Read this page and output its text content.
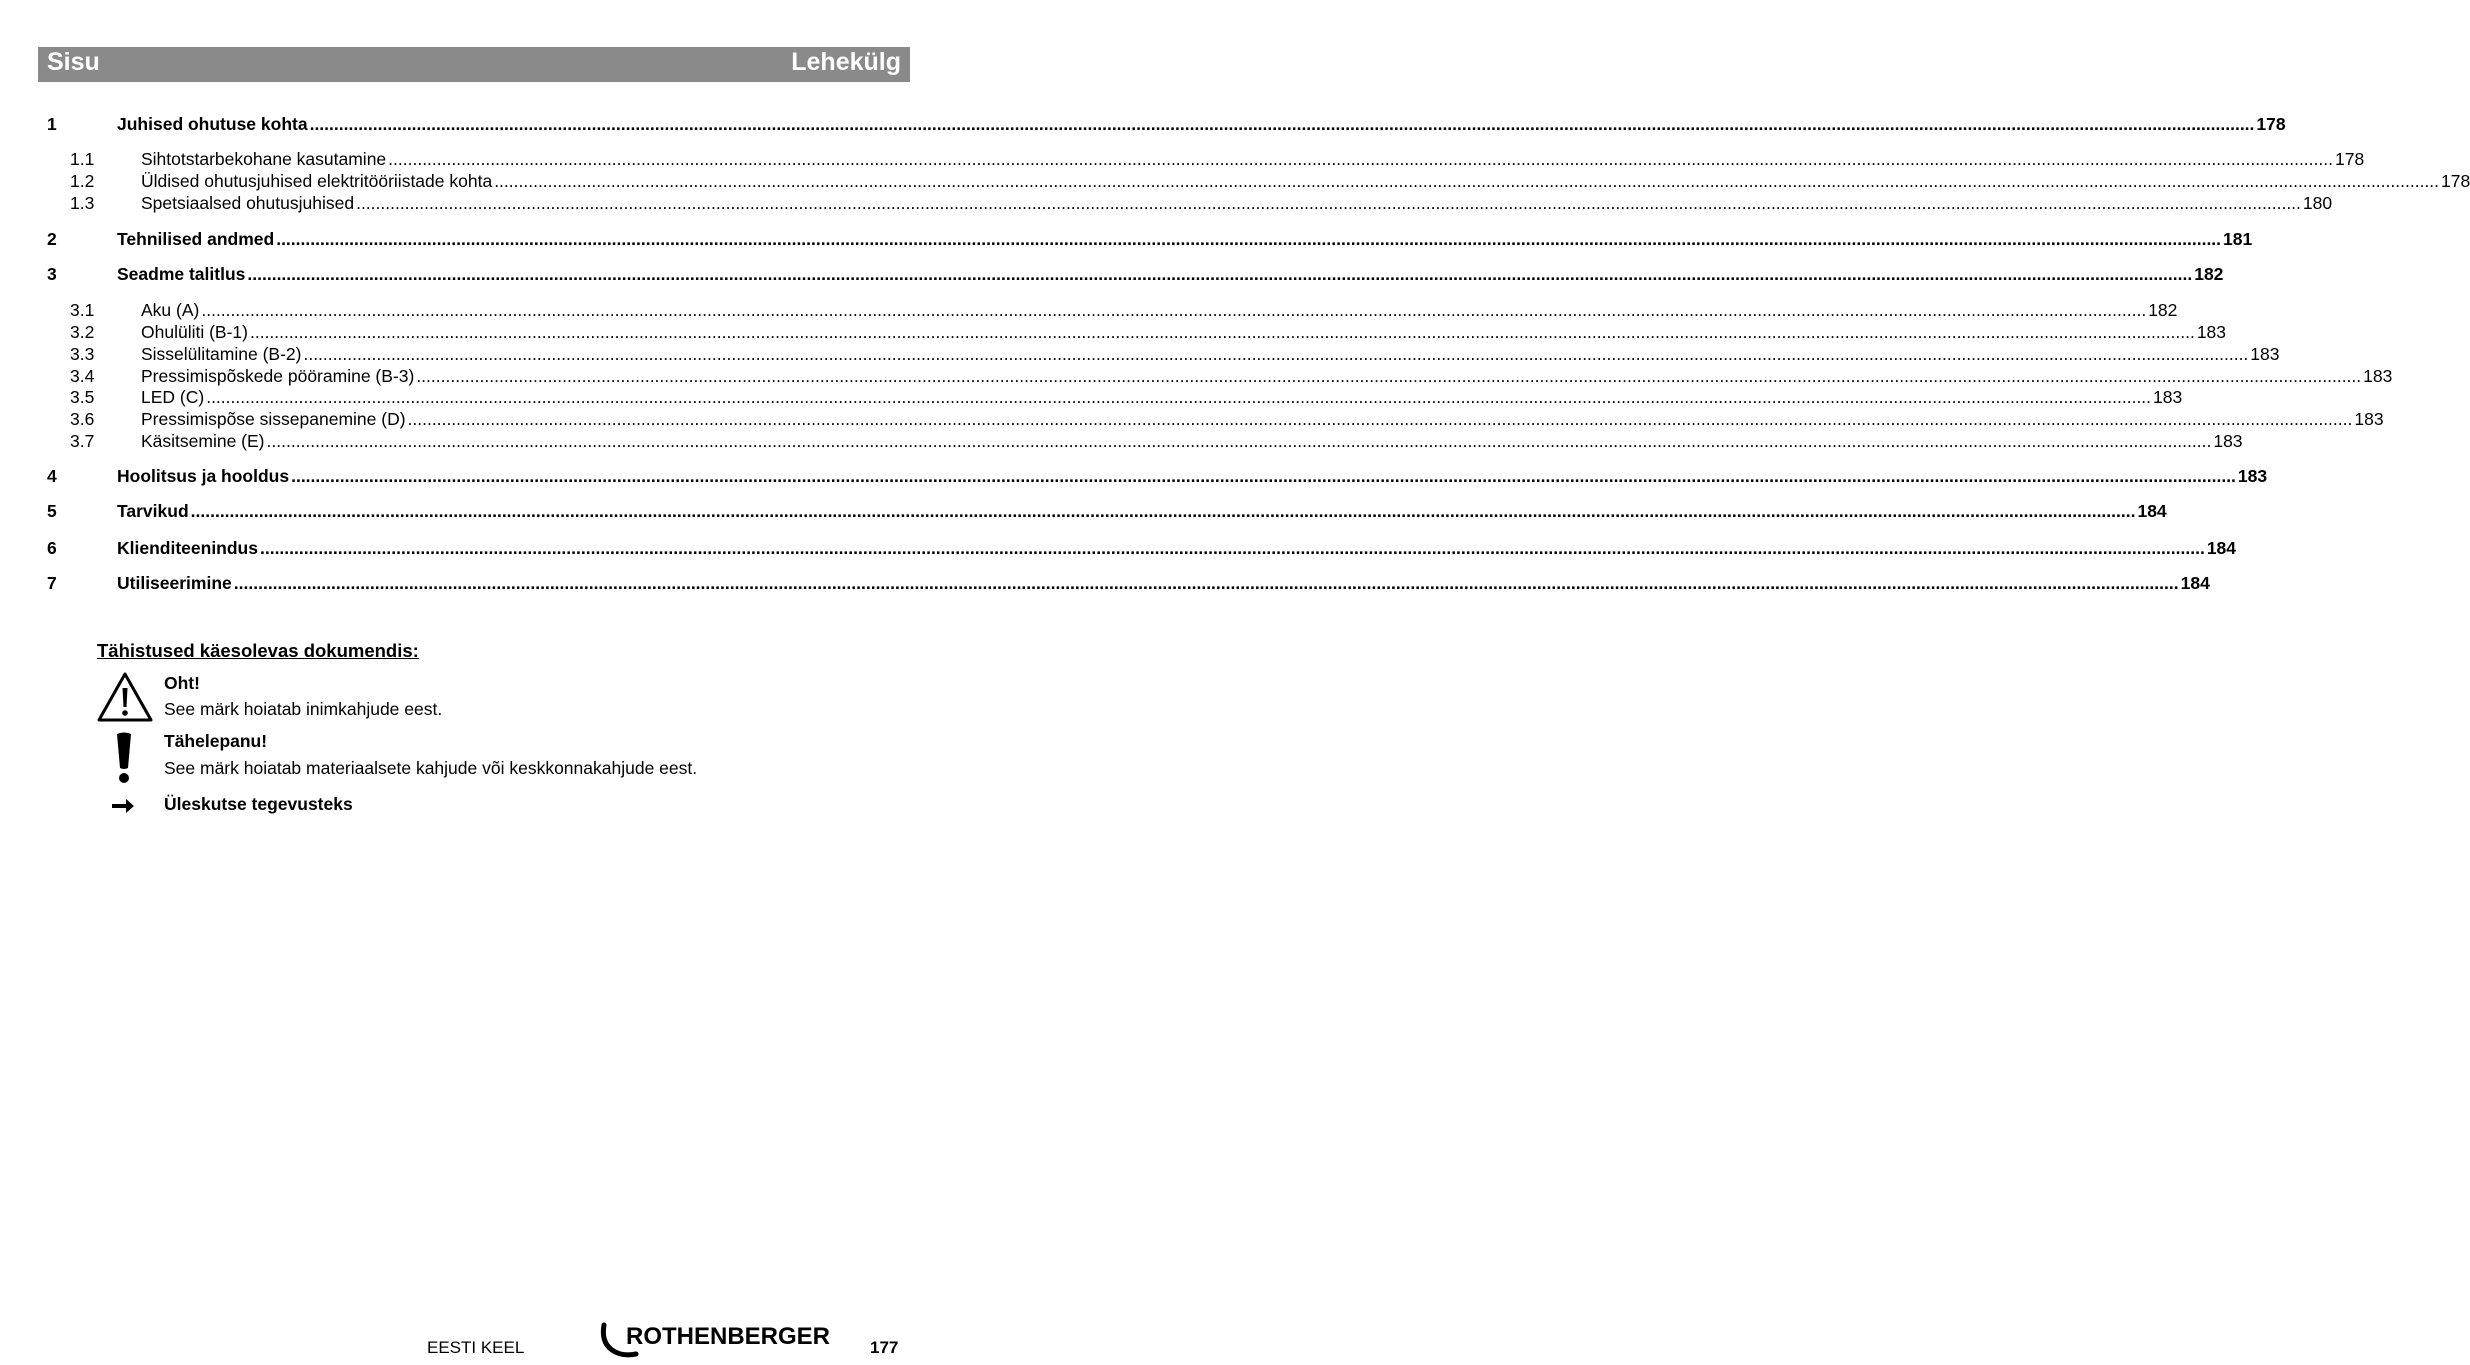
Sisu	Lehekülg
1	Juhised ohutuse kohta ................................................................................................................................................................................................................................................................................................................................................................................................................ 178
1.1	Sihtotstarbekohane kasutamine ................................................................................................................................................................................................................................................................................................................................................................................................................ 178
1.2	Üldised ohutusjuhised elektritööriistade kohta ................................................................................................................................................................................................................................................................................................................................................................................................................ 178
1.3	Spetsiaalsed ohutusjuhised ................................................................................................................................................................................................................................................................................................................................................................................................................ 180
2	Tehnilised andmed ................................................................................................................................................................................................................................................................................................................................................................................................................ 181
3	Seadme talitlus ................................................................................................................................................................................................................................................................................................................................................................................................................ 182
3.1	Aku (A) ................................................................................................................................................................................................................................................................................................................................................................................................................ 182
3.2	Ohulüliti (B-1) ................................................................................................................................................................................................................................................................................................................................................................................................................ 183
3.3	Sisselülitamine (B-2) ................................................................................................................................................................................................................................................................................................................................................................................................................ 183
3.4	Pressimispõskede pööramine (B-3) ................................................................................................................................................................................................................................................................................................................................................................................................................ 183
3.5	LED (C) ................................................................................................................................................................................................................................................................................................................................................................................................................ 183
3.6	Pressimispõse sissepanemine (D) ................................................................................................................................................................................................................................................................................................................................................................................................................ 183
3.7	Käsitsemine (E) ................................................................................................................................................................................................................................................................................................................................................................................................................ 183
4	Hoolitsus ja hooldus ................................................................................................................................................................................................................................................................................................................................................................................................................ 183
5	Tarvikud ................................................................................................................................................................................................................................................................................................................................................................................................................ 184
6	Klienditeenindus ................................................................................................................................................................................................................................................................................................................................................................................................................ 184
7	Utiliseerimine ................................................................................................................................................................................................................................................................................................................................................................................................................ 184
Tähistused käesolevas dokumendis:
Oht!
See märk hoiatab inimkahjude eest.
Tähelepanu!
See märk hoiatab materiaalsete kahjude või keskkonnakahjude eest.
Üleskutse tegevusteks
EESTI KEEL	ROTHENBERGER 177
